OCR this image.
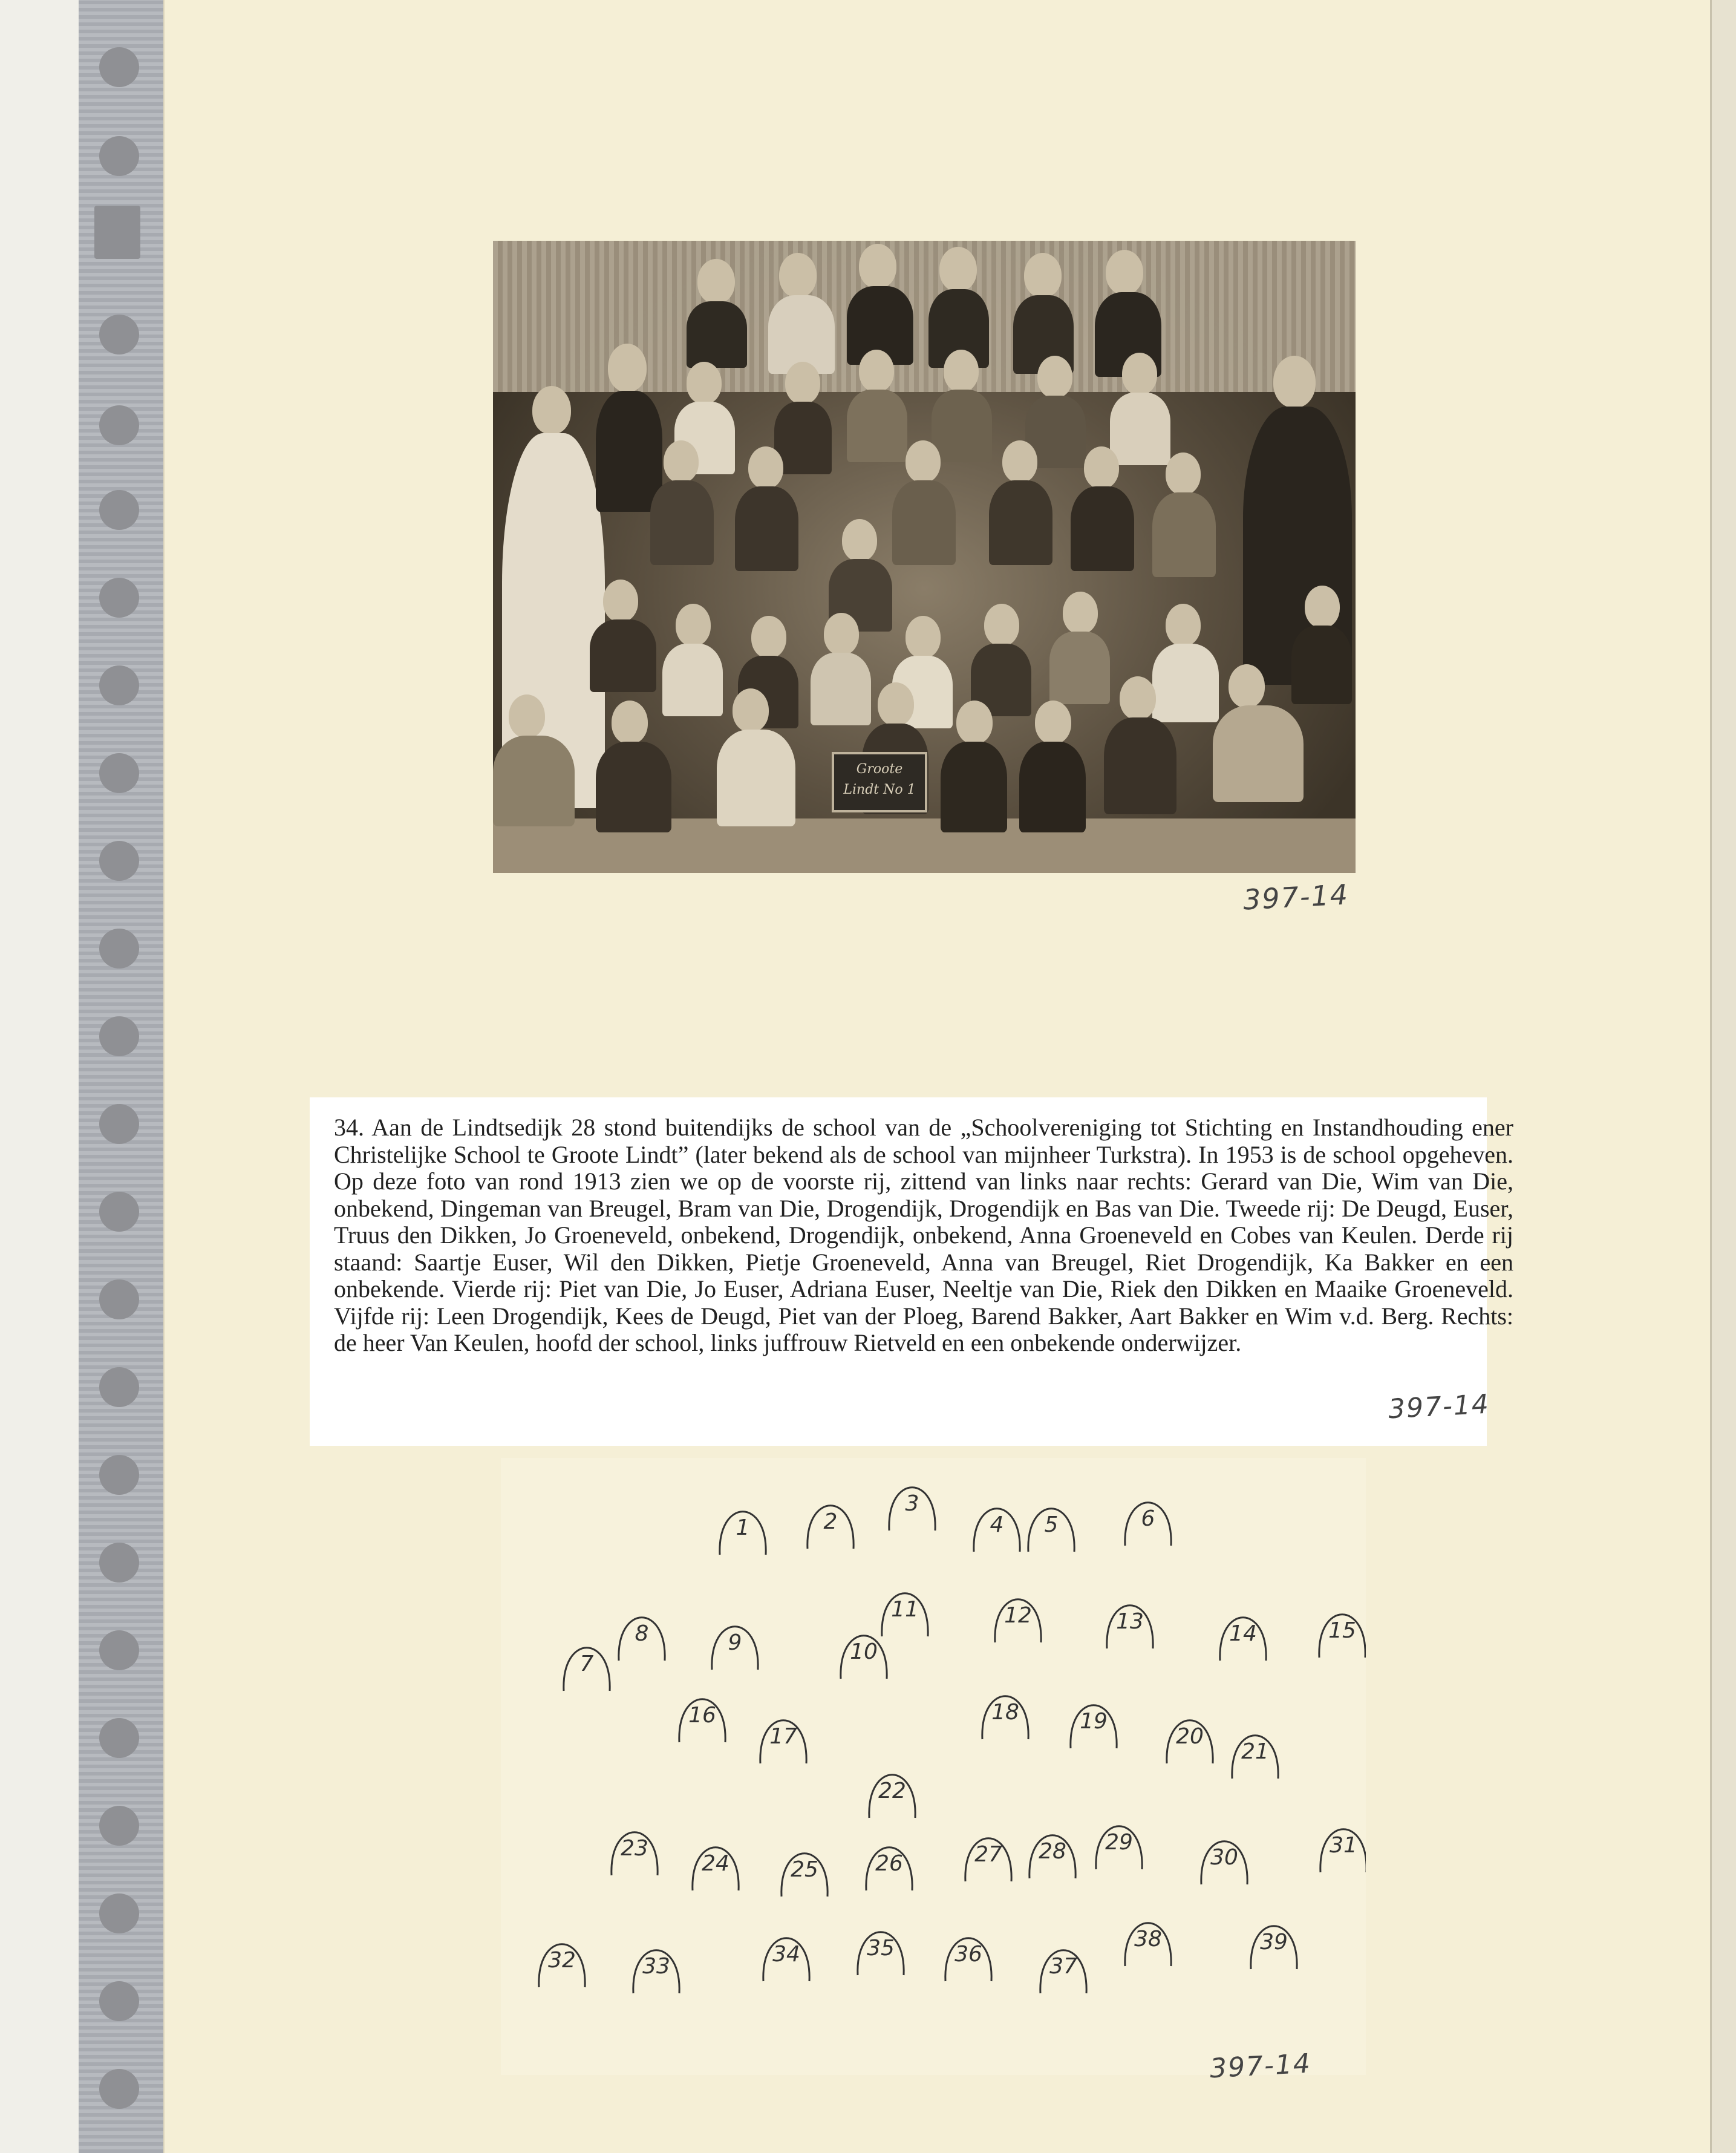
Groote Lindt No 1
397-14

34. Aan de Lindtsedijk 28 stond buitendijks de school van de „Schoolvereniging tot Stichting en Instandhouding ener Christelijke School te Groote Lindt” (later bekend als de school van mijnheer Turkstra). In 1953 is de school opgeheven. Op deze foto van rond 1913 zien we op de voorste rij, zittend van links naar rechts: Gerard van Die, Wim van Die, onbekend, Dingeman van Breugel, Bram van Die, Drogendijk, Drogendijk en Bas van Die. Tweede rij: De Deugd, Euser, Truus den Dikken, Jo Groeneveld, onbekend, Drogendijk, onbekend, Anna Groeneveld en Cobes van Keulen. Derde rij staand: Saartje Euser, Wil den Dikken, Pietje Groeneveld, Anna van Breugel, Riet Drogendijk, Ka Bakker en een onbekende. Vierde rij: Piet van Die, Jo Euser, Adriana Euser, Neeltje van Die, Riek den Dikken en Maaike Groeneveld. Vijfde rij: Leen Drogendijk, Kees de Deugd, Piet van der Ploeg, Barend Bakker, Aart Bakker en Wim v.d. Berg. Rechts: de heer Van Keulen, hoofd der school, links juffrouw Rietveld en een onbekende onderwijzer.

397-14
1	2
3
4 5	6
7
8	9	10
11	12	13	14	15
16
17
18	19
20
21
22
23
24	25	26	27 28 29
30	31
32	33	34	35	36	37
38	39
397-14
